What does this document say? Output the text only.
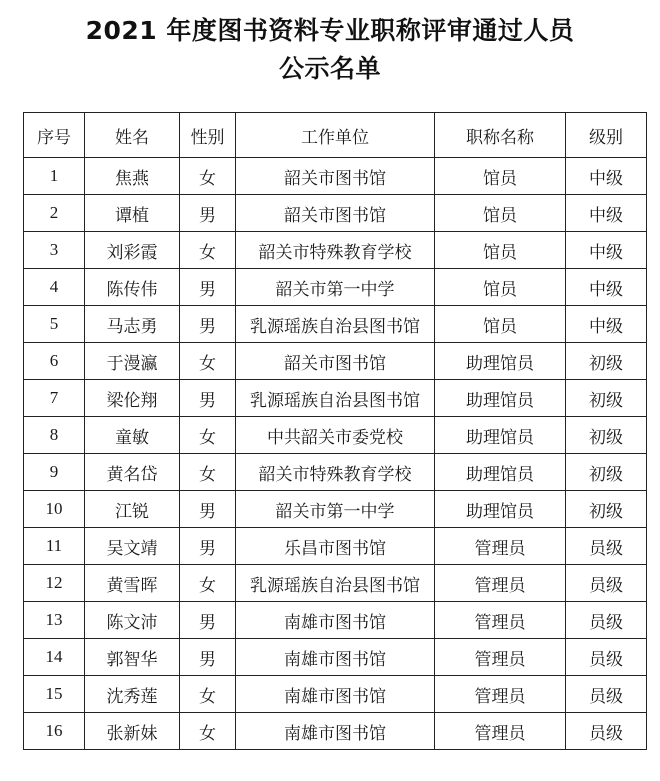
2021 年度图书资料专业职称评审通过人员
公示名单
序号	姓名	性别	工作单位	职称名称	级别
1	焦燕	女	韶关市图书馆	馆员	中级
2	谭植	男	韶关市图书馆	馆员	中级
3	刘彩霞	女	韶关市特殊教育学校	馆员	中级
4	陈传伟	男	韶关市第一中学	馆员	中级
5	马志勇	男	乳源瑶族自治县图书馆	馆员	中级
6	于漫瀛	女	韶关市图书馆	助理馆员	初级
7	梁伦翔	男	乳源瑶族自治县图书馆	助理馆员	初级
8	童敏	女	中共韶关市委党校	助理馆员	初级
9	黄名岱	女	韶关市特殊教育学校	助理馆员	初级
10	江锐	男	韶关市第一中学	助理馆员	初级
11	吴文靖	男	乐昌市图书馆	管理员	员级
12	黄雪晖	女	乳源瑶族自治县图书馆	管理员	员级
13	陈文沛	男	南雄市图书馆	管理员	员级
14	郭智华	男	南雄市图书馆	管理员	员级
15	沈秀莲	女	南雄市图书馆	管理员	员级
16	张新妹	女	南雄市图书馆	管理员	员级
